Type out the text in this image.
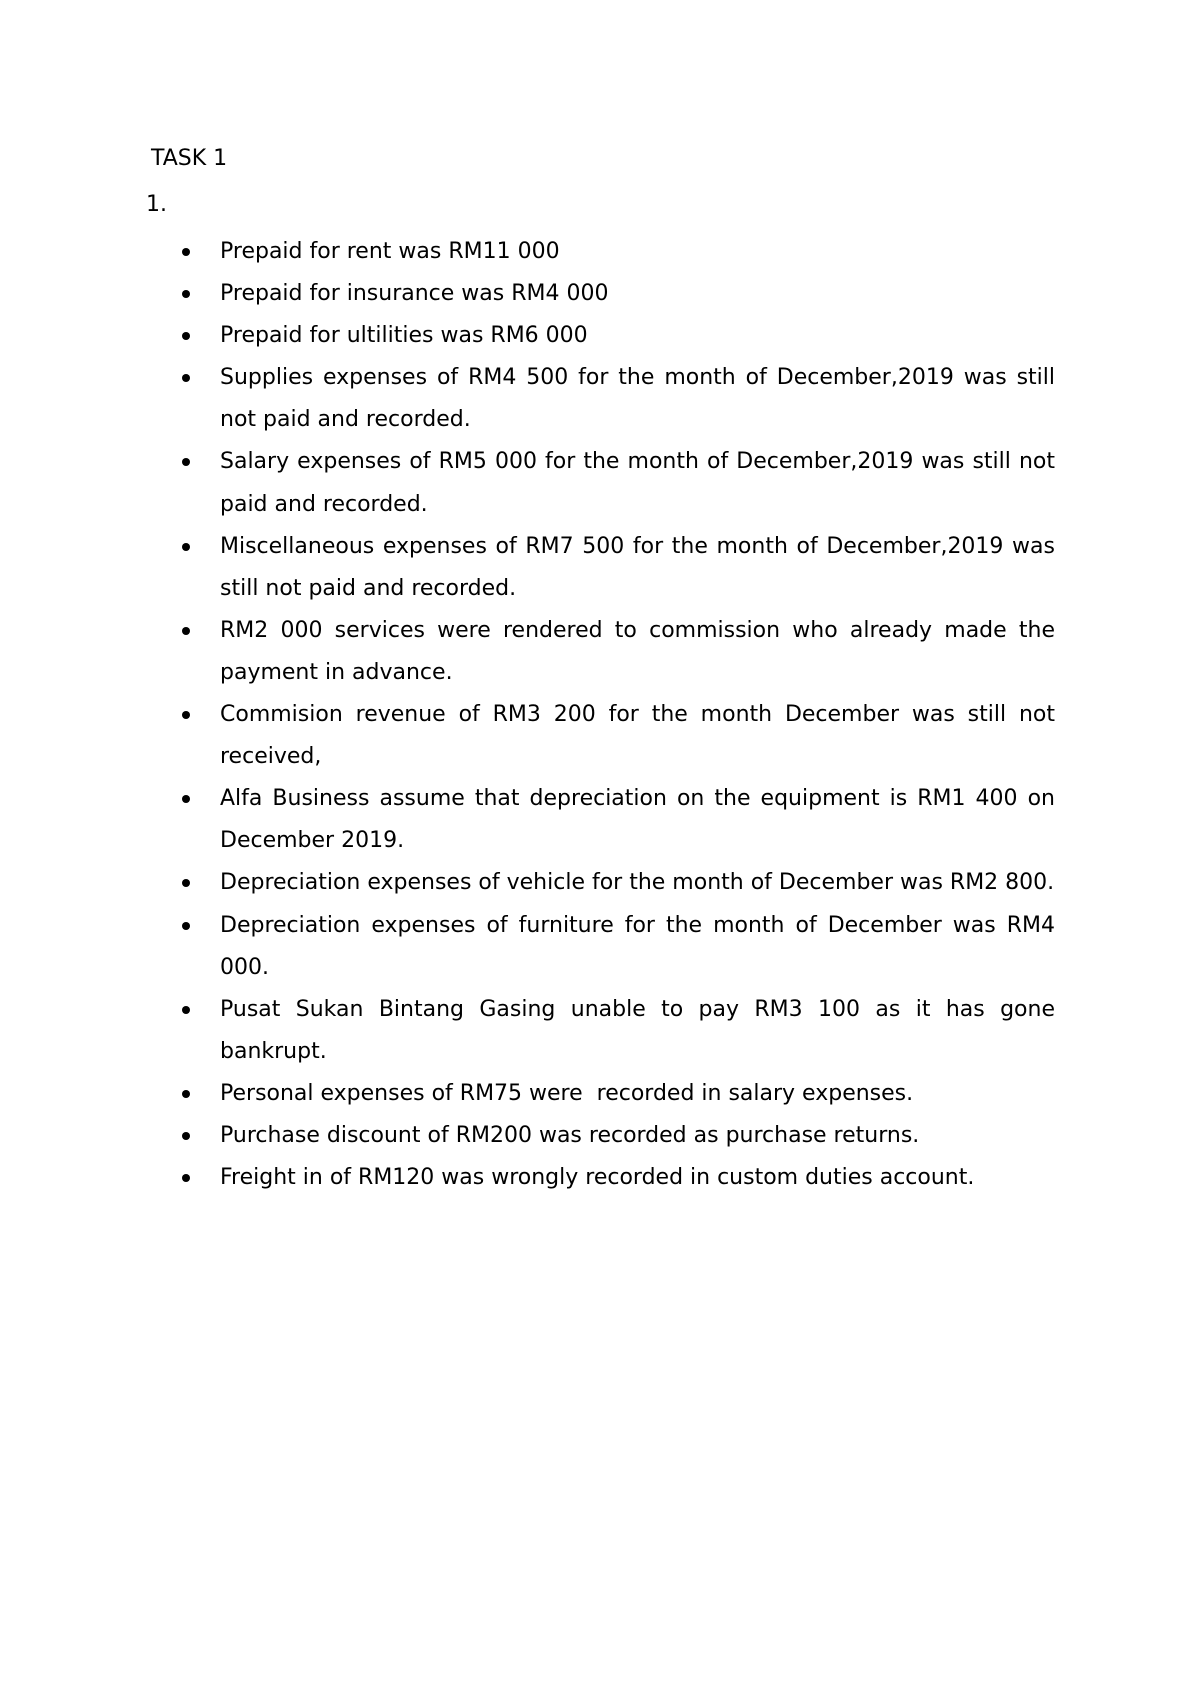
TASK 1
1.
Prepaid for rent was RM11 000
Prepaid for insurance was RM4 000
Prepaid for ultilities was RM6 000
Supplies expenses of RM4 500 for the month of December,2019 was still not paid and recorded.
Salary expenses of RM5 000 for the month of December,2019 was still not paid and recorded.
Miscellaneous expenses of RM7 500 for the month of December,2019 was still not paid and recorded.
RM2 000 services were rendered to commission who already made the payment in advance.
Commision revenue of RM3 200 for the month December was still not received,
Alfa Business assume that depreciation on the equipment is RM1 400 on December 2019.
Depreciation expenses of vehicle for the month of December was RM2 800.
Depreciation expenses of furniture for the month of December was RM4 000.
Pusat Sukan Bintang Gasing unable to pay RM3 100 as it has gone bankrupt.
Personal expenses of RM75 were  recorded in salary expenses.
Purchase discount of RM200 was recorded as purchase returns.
Freight in of RM120 was wrongly recorded in custom duties account.
